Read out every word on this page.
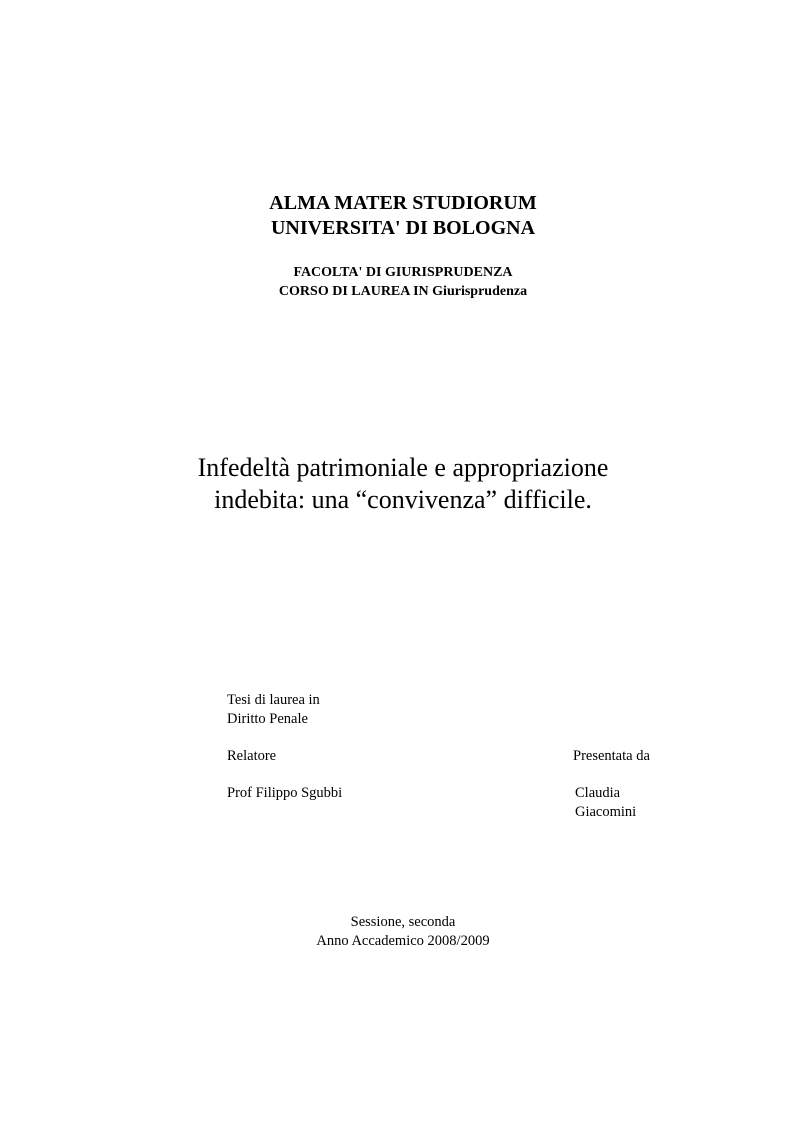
ALMA MATER STUDIORUM
UNIVERSITA' DI BOLOGNA
FACOLTA' DI GIURISPRUDENZA
CORSO DI LAUREA IN Giurisprudenza
Infedeltà patrimoniale e appropriazione
indebita: una “convivenza” difficile.
Tesi di laurea in
Diritto Penale
Relatore	Presentata da
Prof Filippo Sgubbi	Claudia
Giacomini
Sessione, seconda
Anno Accademico 2008/2009
